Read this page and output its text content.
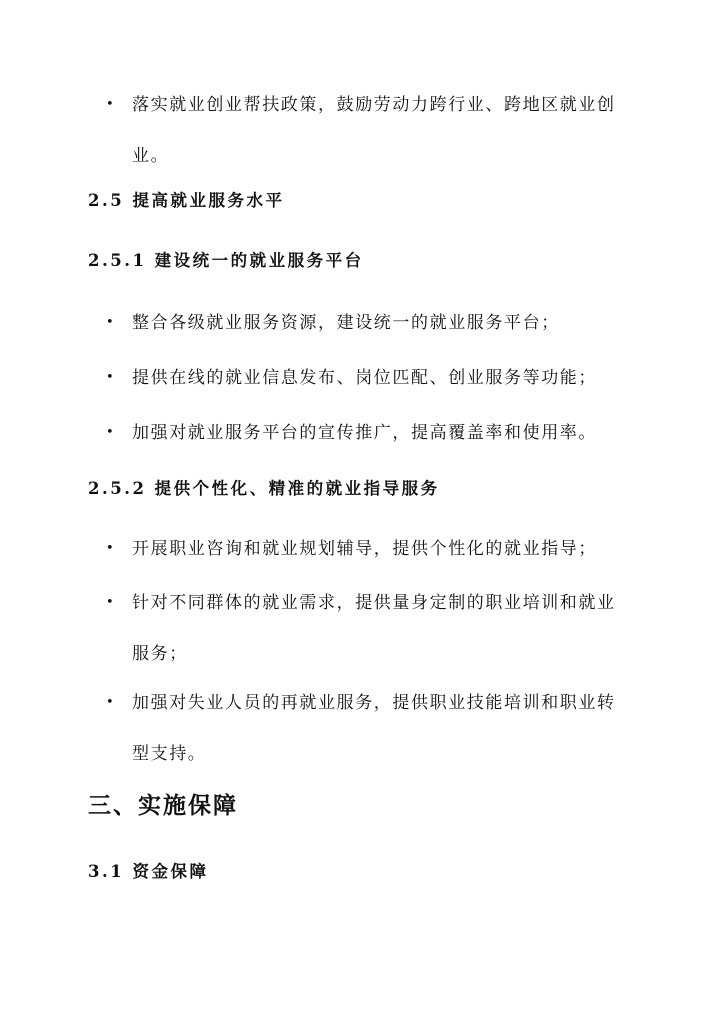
•	落实就业创业帮扶政策，鼓励劳动力跨行业、跨地区就业创业。
2.5 提高就业服务水平
2.5.1 建设统一的就业服务平台
•	整合各级就业服务资源，建设统一的就业服务平台；
•	提供在线的就业信息发布、岗位匹配、创业服务等功能；
•	加强对就业服务平台的宣传推广，提高覆盖率和使用率。
2.5.2 提供个性化、精准的就业指导服务
•	开展职业咨询和就业规划辅导，提供个性化的就业指导；
•	针对不同群体的就业需求，提供量身定制的职业培训和就业服务；
•	加强对失业人员的再就业服务，提供职业技能培训和职业转型支持。
三、实施保障
3.1 资金保障
